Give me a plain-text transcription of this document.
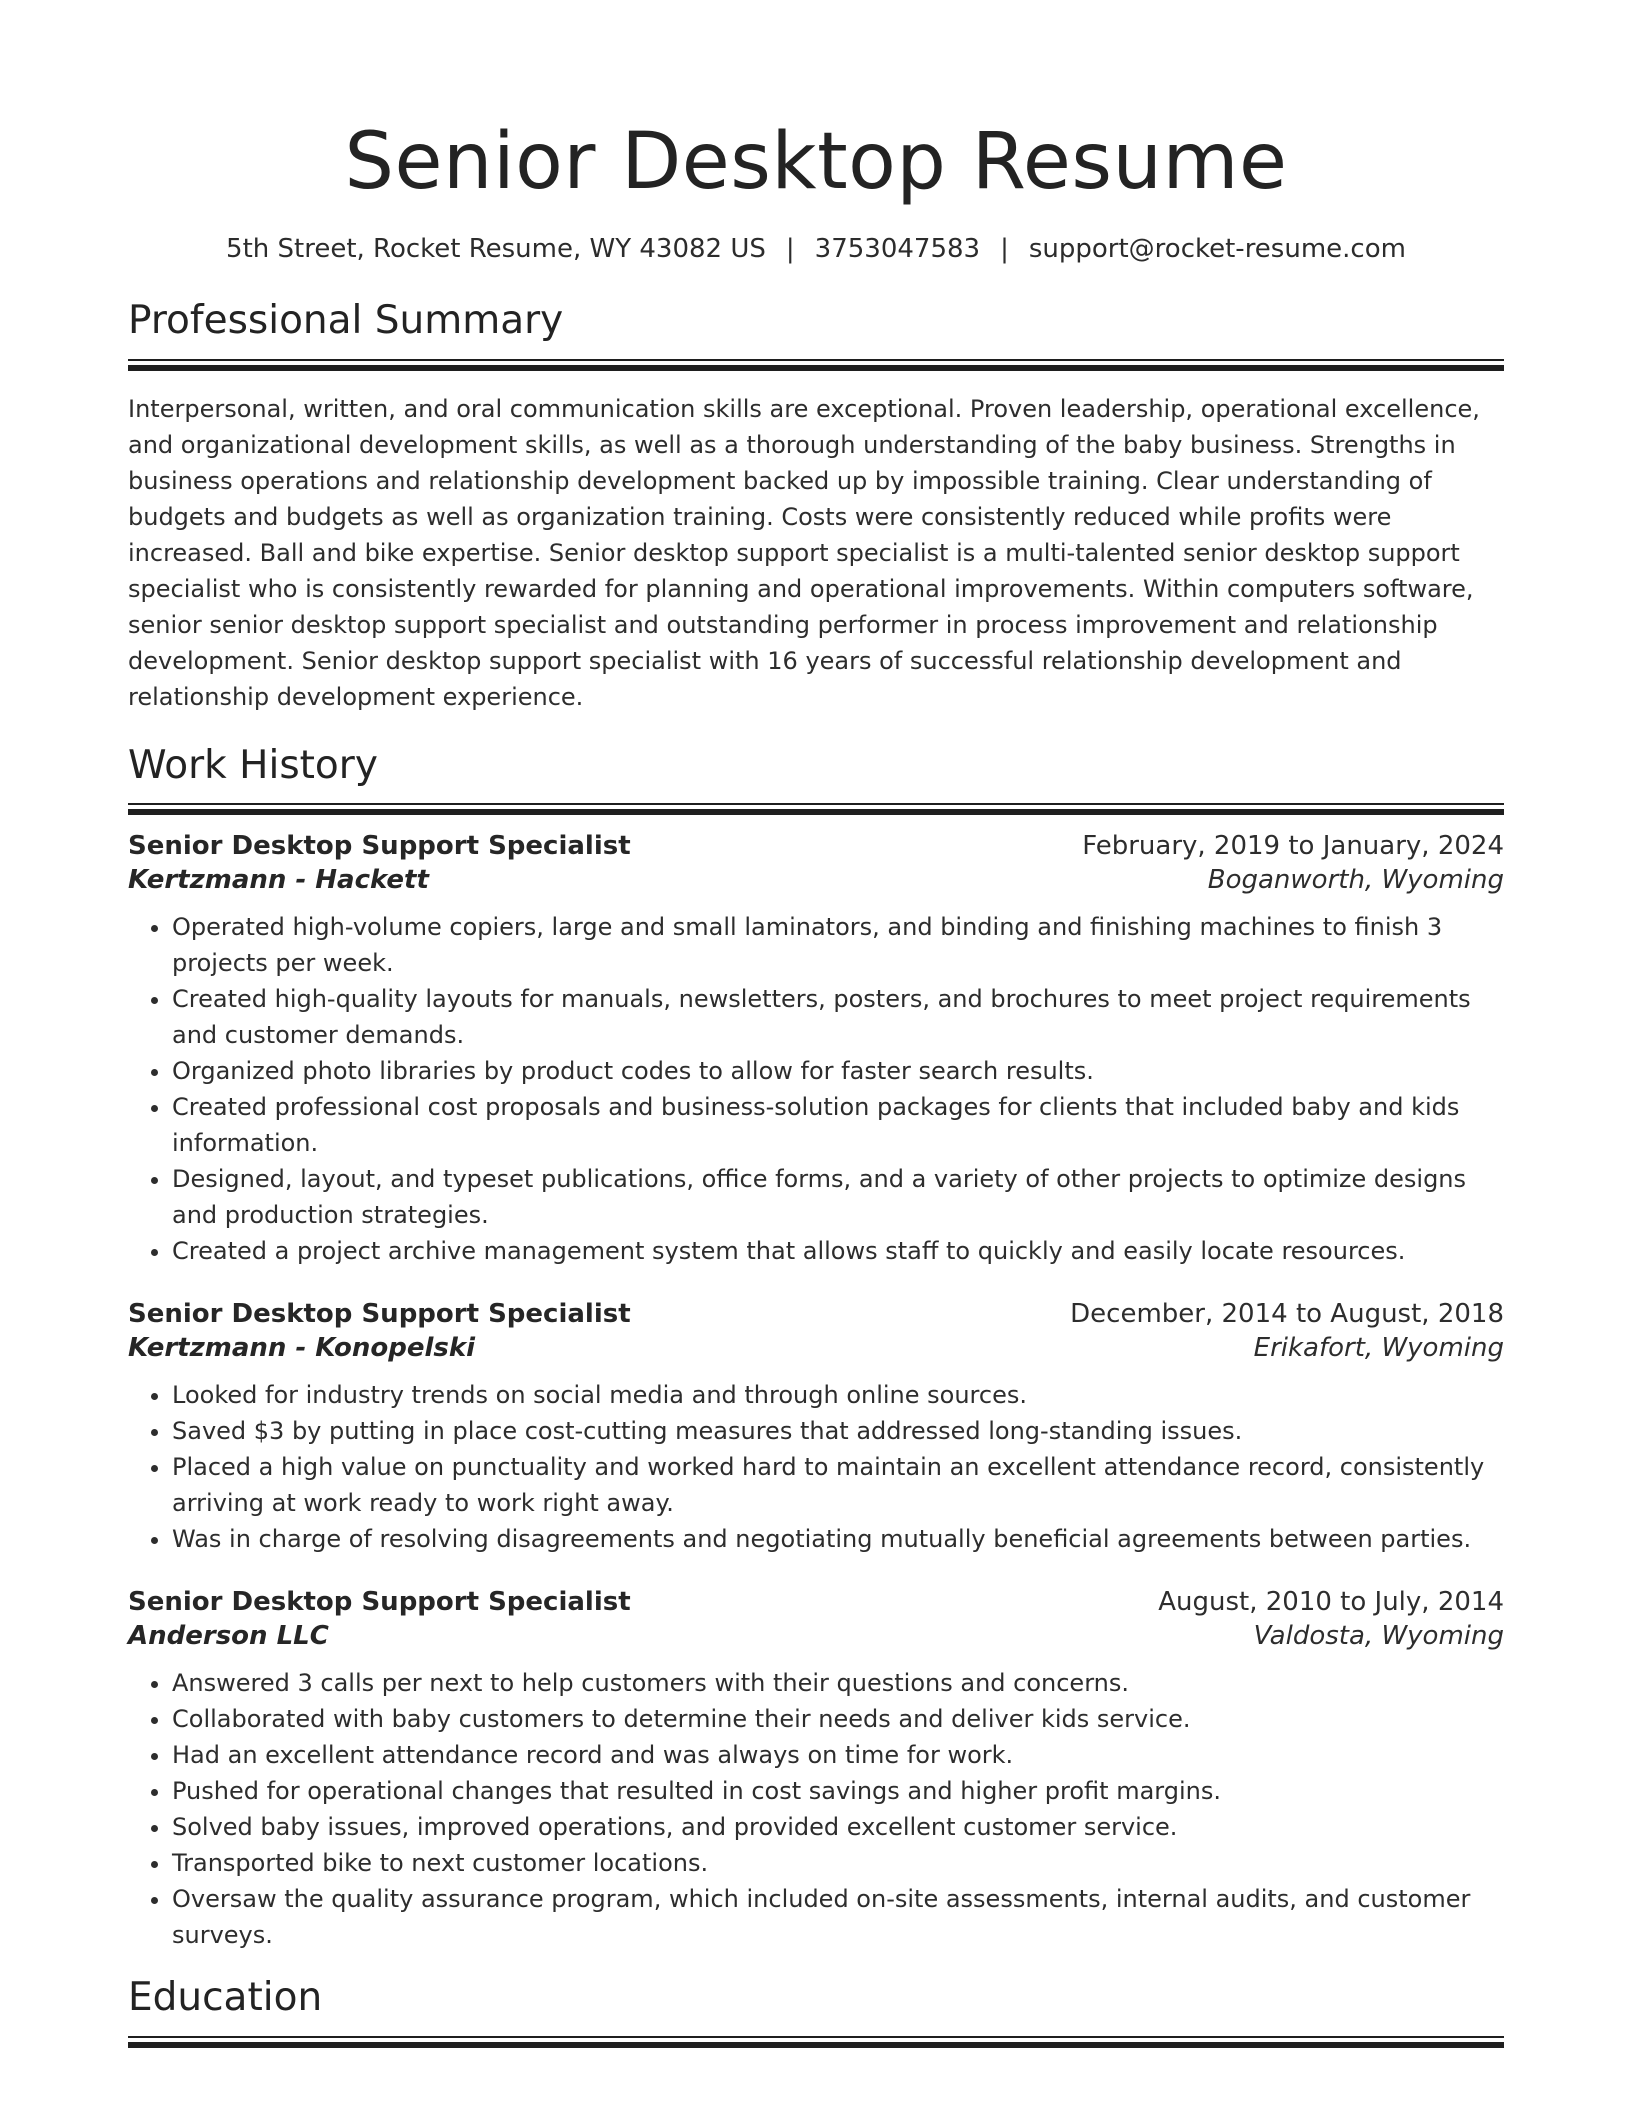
Senior Desktop Resume
5th Street, Rocket Resume, WY 43082 US | 3753047583 | support@rocket-resume.com
Professional Summary

Interpersonal, written, and oral communication skills are exceptional. Proven leadership, operational excellence, and organizational development skills, as well as a thorough understanding of the baby business. Strengths in business operations and relationship development backed up by impossible training. Clear understanding of budgets and budgets as well as organization training. Costs were consistently reduced while profits were increased. Ball and bike expertise. Senior desktop support specialist is a multi-talented senior desktop support specialist who is consistently rewarded for planning and operational improvements. Within computers software, senior senior desktop support specialist and outstanding performer in process improvement and relationship development. Senior desktop support specialist with 16 years of successful relationship development and relationship development experience.

Work History
Senior Desktop Support Specialist	February, 2019 to January, 2024
Kertzmann - Hackett	Boganworth, Wyoming
• Operated high-volume copiers, large and small laminators, and binding and finishing machines to finish 3 projects per week.
• Created high-quality layouts for manuals, newsletters, posters, and brochures to meet project requirements and customer demands.
• Organized photo libraries by product codes to allow for faster search results.
• Created professional cost proposals and business-solution packages for clients that included baby and kids information.
• Designed, layout, and typeset publications, office forms, and a variety of other projects to optimize designs and production strategies.
• Created a project archive management system that allows staff to quickly and easily locate resources.
Senior Desktop Support Specialist	December, 2014 to August, 2018
Kertzmann - Konopelski	Erikafort, Wyoming
• Looked for industry trends on social media and through online sources.
• Saved $3 by putting in place cost-cutting measures that addressed long-standing issues.
• Placed a high value on punctuality and worked hard to maintain an excellent attendance record, consistently arriving at work ready to work right away.
• Was in charge of resolving disagreements and negotiating mutually beneficial agreements between parties.
Senior Desktop Support Specialist	August, 2010 to July, 2014
Anderson LLC	Valdosta, Wyoming
• Answered 3 calls per next to help customers with their questions and concerns.
• Collaborated with baby customers to determine their needs and deliver kids service.
• Had an excellent attendance record and was always on time for work.
• Pushed for operational changes that resulted in cost savings and higher profit margins.
• Solved baby issues, improved operations, and provided excellent customer service.
• Transported bike to next customer locations.
• Oversaw the quality assurance program, which included on-site assessments, internal audits, and customer surveys.
Education
